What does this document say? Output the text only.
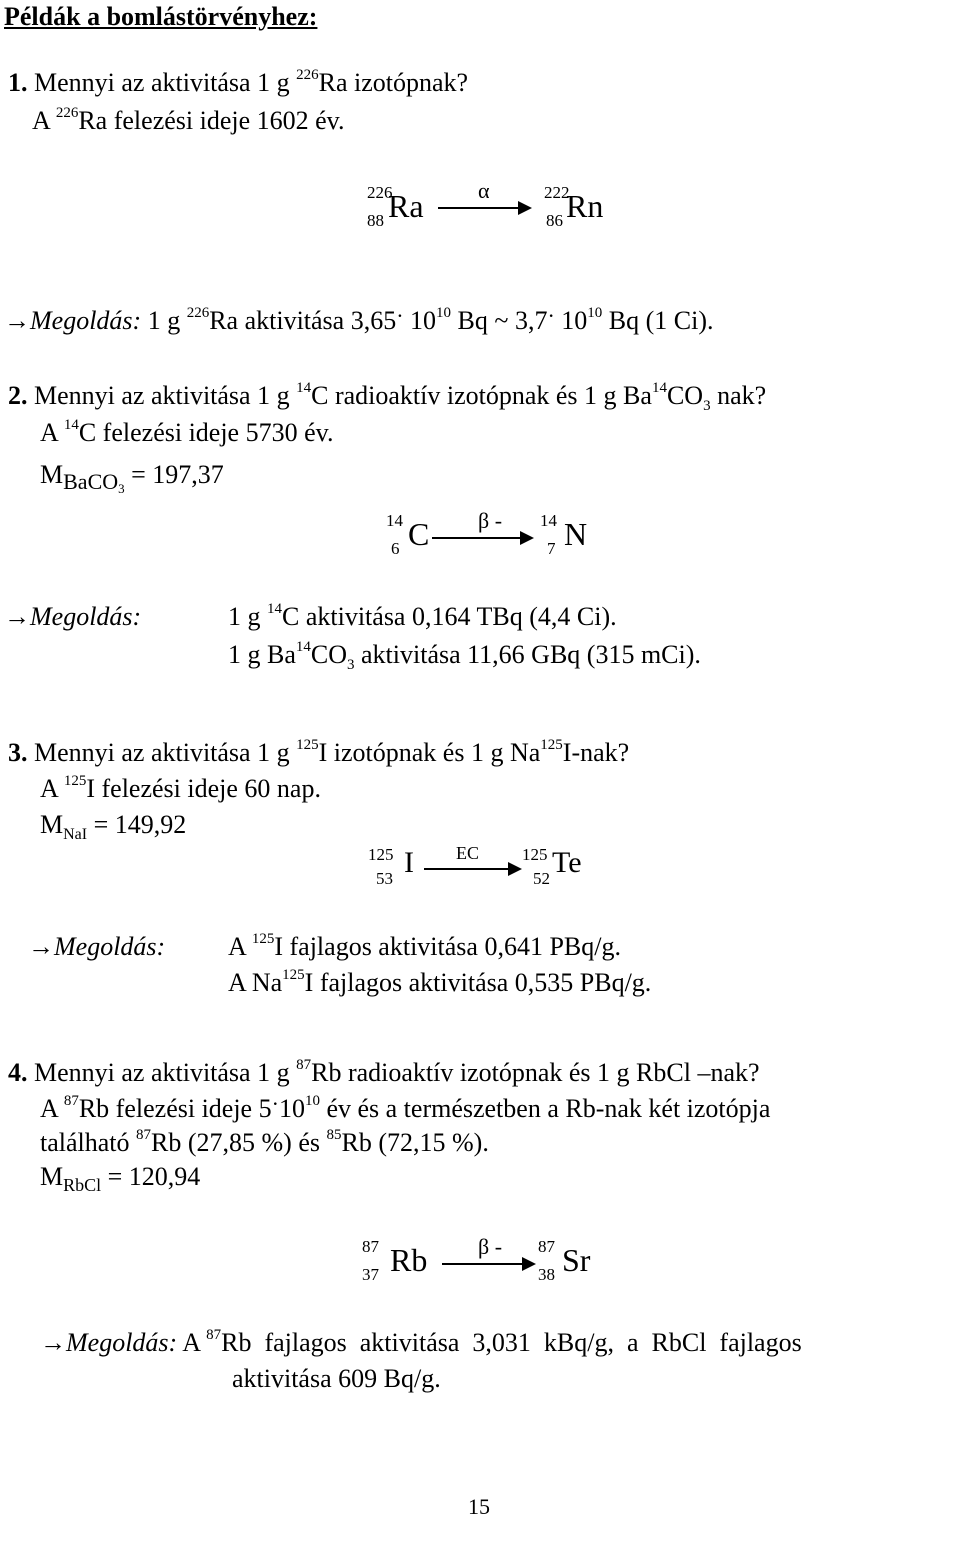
Példák a bomlástörvényhez:
1. Mennyi az aktivitása 1 g $^{226}$Ra izotópnak?
A $^{226}$Ra felezési ideje 1602 év.
226
88 Ra α	222
86 Rn
→Megoldás: 1 g $^{226}$Ra aktivitása 3,65· $10^{10}$ Bq ~ 3,7· $10^{10}$ Bq (1 Ci).
2. Mennyi az aktivitása 1 g $^{14}$C radioaktív izotópnak és 1 g $Ba^{14}CO_3$ nak?
A $^{14}$C felezési ideje 5730 év.
$M_{BaCO3} = 197,37$
14
6 C β - 14
7 N
→Megoldás:	1 g $^{14}$C aktivitása 0,164 TBq (4,4 Ci).
1 g $Ba^{14}CO_3$ aktivitása 11,66 GBq (315 mCi).
3. Mennyi az aktivitása 1 g $^{125}$I izotópnak és 1 g Na$^{125}$I-nak?
A $^{125}$I felezési ideje 60 nap.
$M_{NaI} = 149,92$
125
53 I EC	125
52 Te
→Megoldás: A $^{125}$I fajlagos aktivitása 0,641 PBq/g.
A Na$^{125}$I fajlagos aktivitása 0,535 PBq/g.
4. Mennyi az aktivitása 1 g $^{87}$Rb radioaktív izotópnak és 1 g RbCl –nak?
A $^{87}$Rb felezési ideje $5^\cdot 10^{10}$ év és a természetben a Rb-nak két izotópja
található $^{87}$Rb (27,85 %) és $^{85}$Rb (72,15 %).
$M_{RbCl} = 120,94$
87
37 Rb β - 87
38 Sr
→Megoldás: A $^{87}$Rb  fajlagos  aktivitása  3,031  kBq/g,  a  RbCl  fajlagos
aktivitása 609 Bq/g.
15
